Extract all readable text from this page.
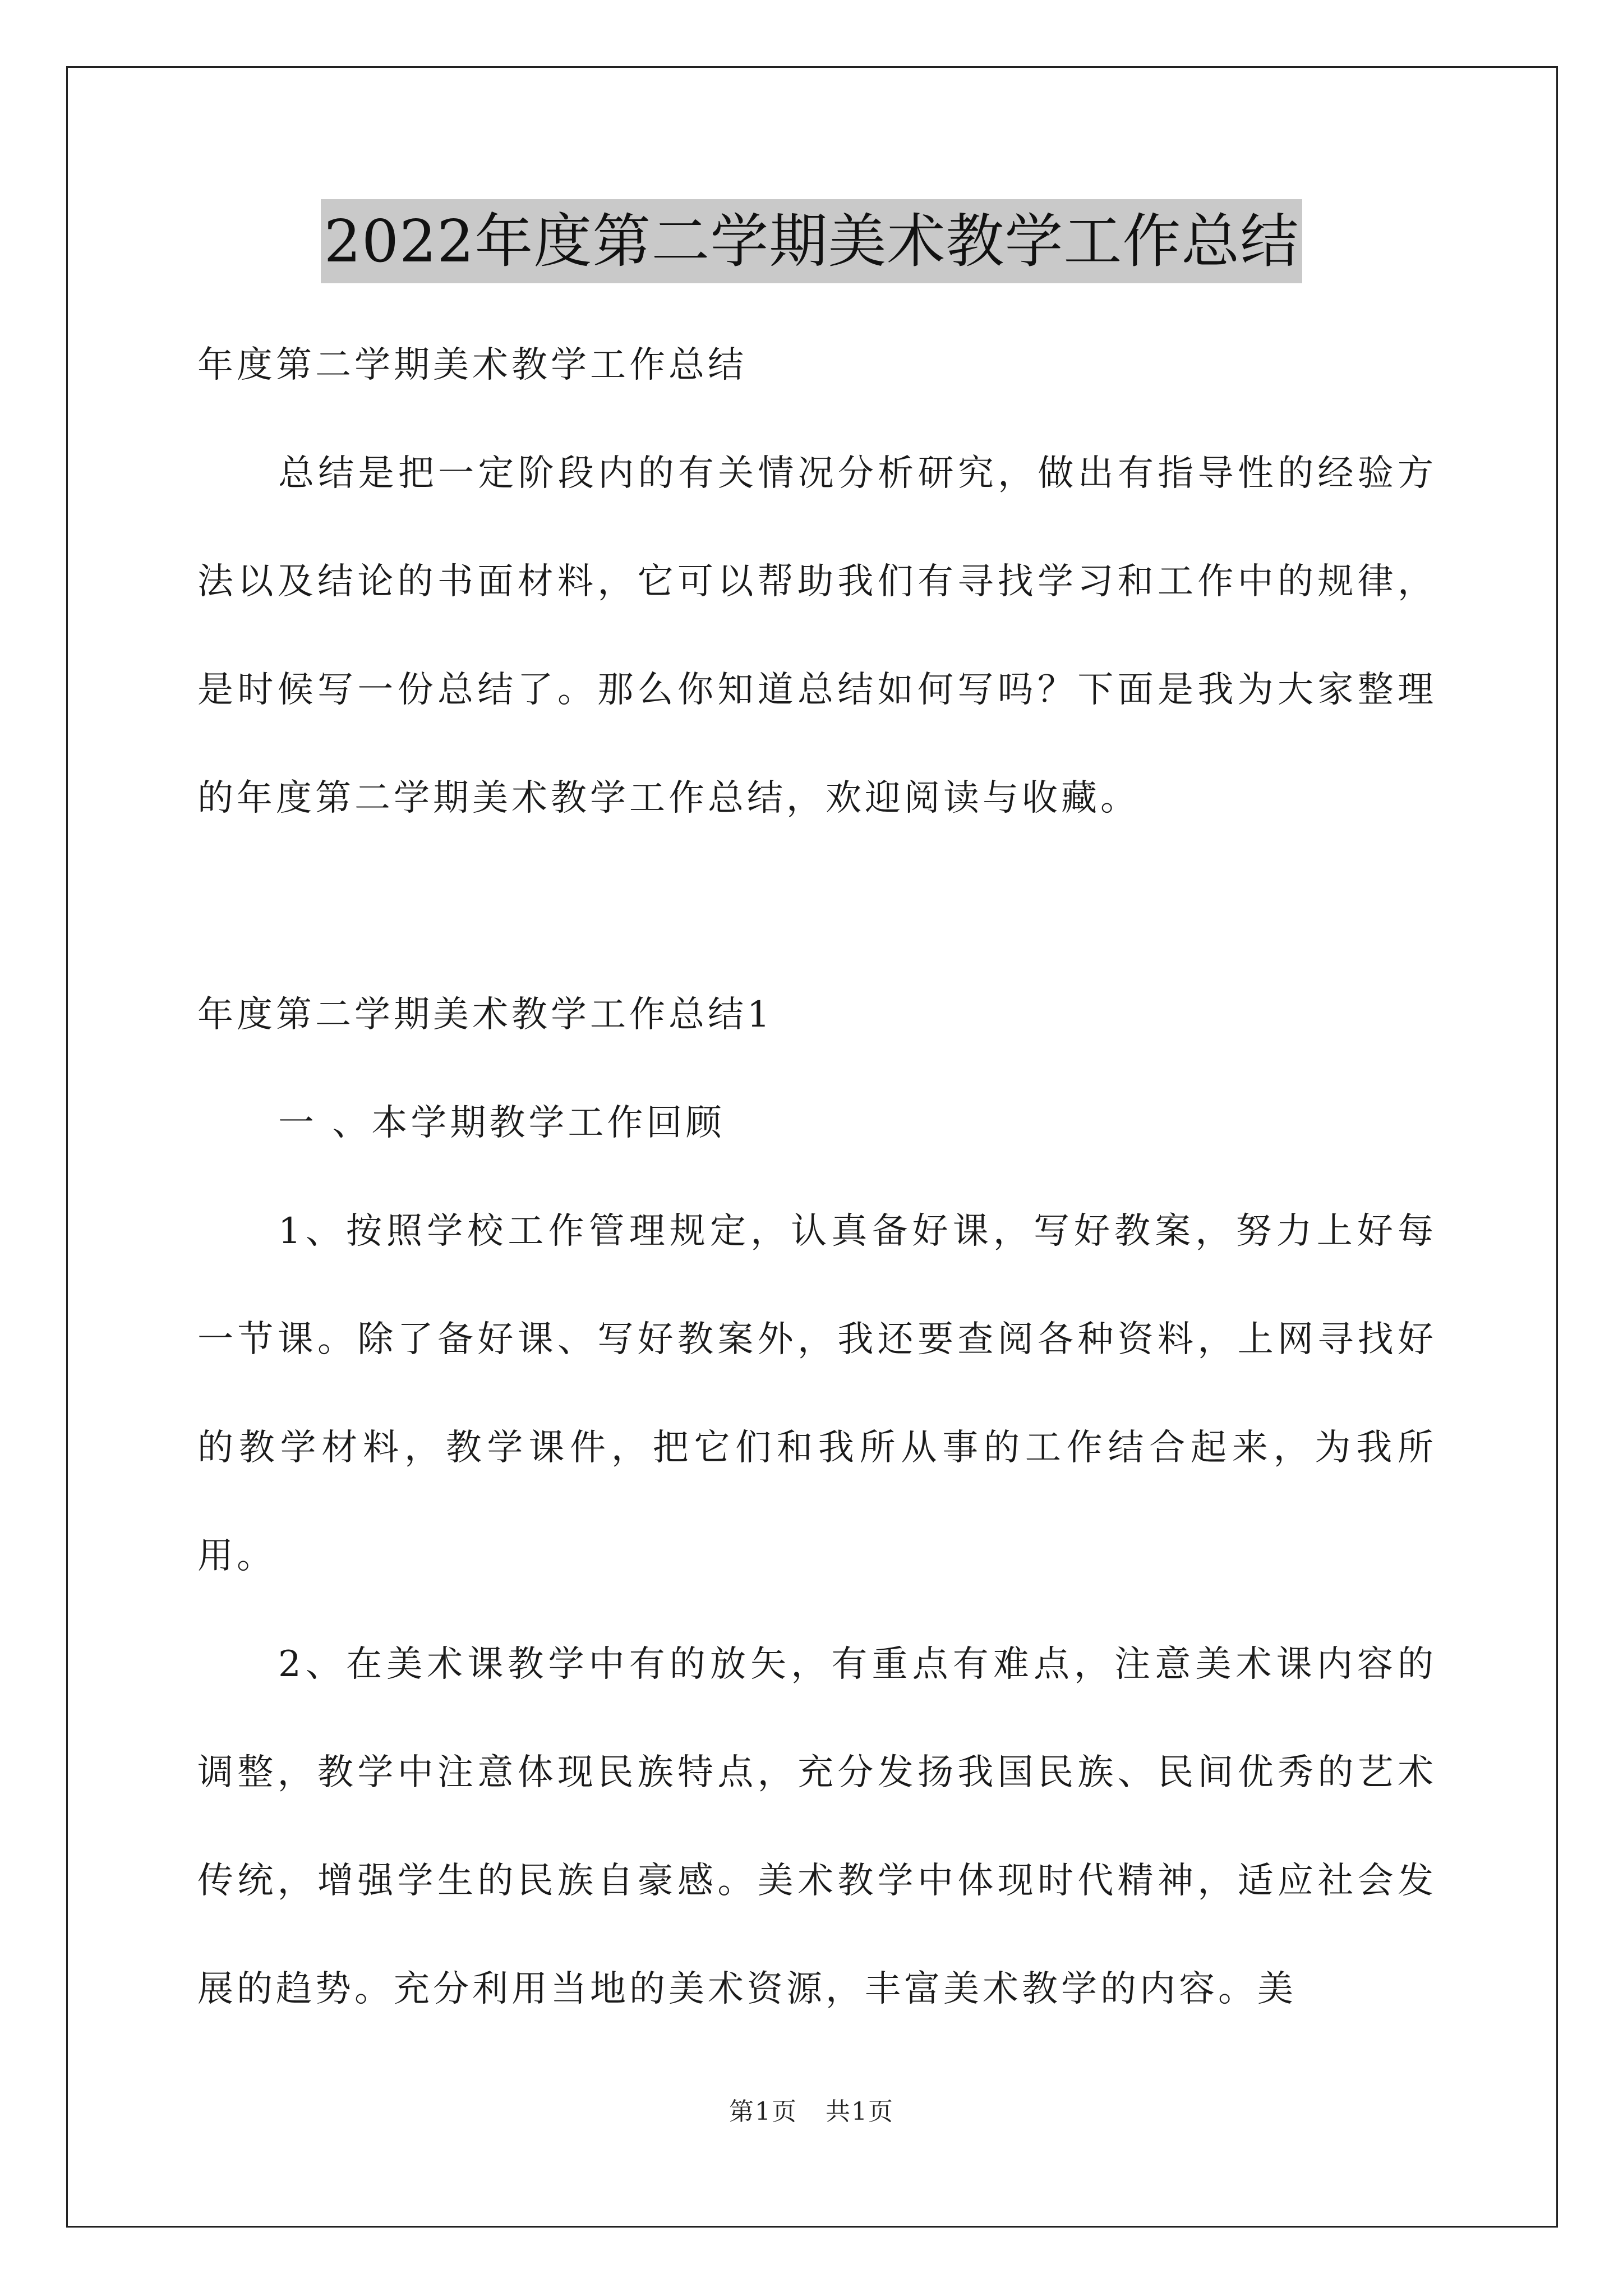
2022年度第二学期美术教学工作总结

年度第二学期美术教学工作总结

总结是把一定阶段内的有关情况分析研究，做出有指导性的经验方法以及结论的书面材料，它可以帮助我们有寻找学习和工作中的规律，是时候写一份总结了。那么你知道总结如何写吗？下面是我为大家整理的年度第二学期美术教学工作总结，欢迎阅读与收藏。

年度第二学期美术教学工作总结1

一 、本学期教学工作回顾

1、按照学校工作管理规定，认真备好课，写好教案，努力上好每一节课。除了备好课、写好教案外，我还要查阅各种资料，上网寻找好的教学材料，教学课件，把它们和我所从事的工作结合起来，为我所用。

2、在美术课教学中有的放矢，有重点有难点，注意美术课内容的调整，教学中注意体现民族特点，充分发扬我国民族、民间优秀的艺术传统，增强学生的民族自豪感。美术教学中体现时代精神，适应社会发展的趋势。充分利用当地的美术资源，丰富美术教学的内容。美

第1页 共1页
